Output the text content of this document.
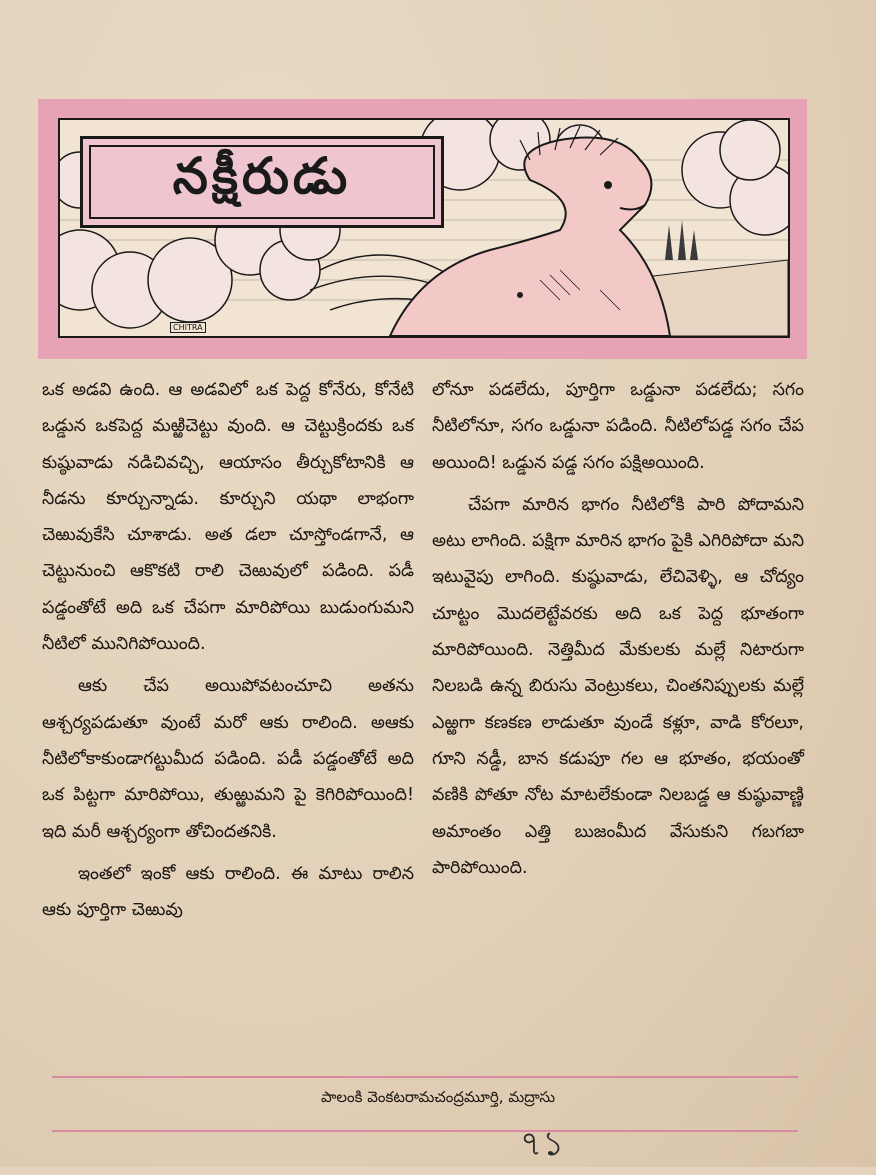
నక్షీరుడు
CHITRA

ఒక అడవి ఉంది. ఆ అడవిలో ఒక పెద్ద కోనేరు, కోనేటి ఒడ్డున ఒకపెద్ద మఱ్ఱిచెట్టు వుంది. ఆ చెట్టుక్రిందకు ఒక కుష్ఠువాడు నడిచివచ్చి, ఆయాసం తీర్చుకోటానికి ఆ నీడను కూర్చున్నాడు. కూర్చుని యథా లాభంగా చెఱువుకేసి చూశాడు. అత డలా చూస్తోండగానే, ఆ చెట్టునుంచి ఆకొకటి రాలి చెఱువులో పడింది. పడీ పడ్డంతోటే అది ఒక చేపగా మారిపోయి బుడుంగుమని నీటిలో మునిగిపోయింది.

ఆకు చేప అయిపోవటంచూచి అతను ఆశ్చర్యపడుతూ వుంటే మరో ఆకు రాలింది. అఆకు నీటిలోకాకుండాగట్టుమీద పడింది. పడీ పడ్డంతోటే అది ఒక పిట్టగా మారిపోయి, తుఱ్ఱుమని పై కెగిరిపోయింది! ఇది మరీ ఆశ్చర్యంగా తోచిందతనికి.

ఇంతలో ఇంకో ఆకు రాలింది. ఈ మాటు రాలిన ఆకు పూర్తిగా చెఱువు

లోనూ పడలేదు, పూర్తిగా ఒడ్డునా పడలేదు; సగం నీటిలోనూ, సగం ఒడ్డునా పడింది. నీటిలోపడ్డ సగం చేప అయింది! ఒడ్డున పడ్డ సగం పక్షిఅయింది.

చేపగా మారిన భాగం నీటిలోకి పారి పోదామని అటు లాగింది. పక్షిగా మారిన భాగం పైకి ఎగిరిపోదా మని ఇటువైపు లాగింది. కుష్ఠువాడు, లేచివెళ్ళి, ఆ చోద్యం చూట్టం మొదలెట్టేవరకు అది ఒక పెద్ద భూతంగా మారిపోయింది. నెత్తిమీద మేకులకు మల్లే నిటారుగా నిలబడి ఉన్న బిరుసు వెంట్రుకలు, చింతనిప్పులకు మల్లే ఎఱ్ఱగా కణకణ లాడుతూ వుండే కళ్లూ, వాడి కోరలూ, గూని నడ్డీ, బాన కడుపూ గల ఆ భూతం, భయంతో వణికి పోతూ నోట మాటలేకుండా నిలబడ్డ ఆ కుష్ఠువాణ్ణి అమాంతం ఎత్తి బుజంమీద వేసుకుని గబగబా పారిపోయింది.

పాలంకి వెంకటరామచంద్రమూర్తి, మద్రాసు
৭১
